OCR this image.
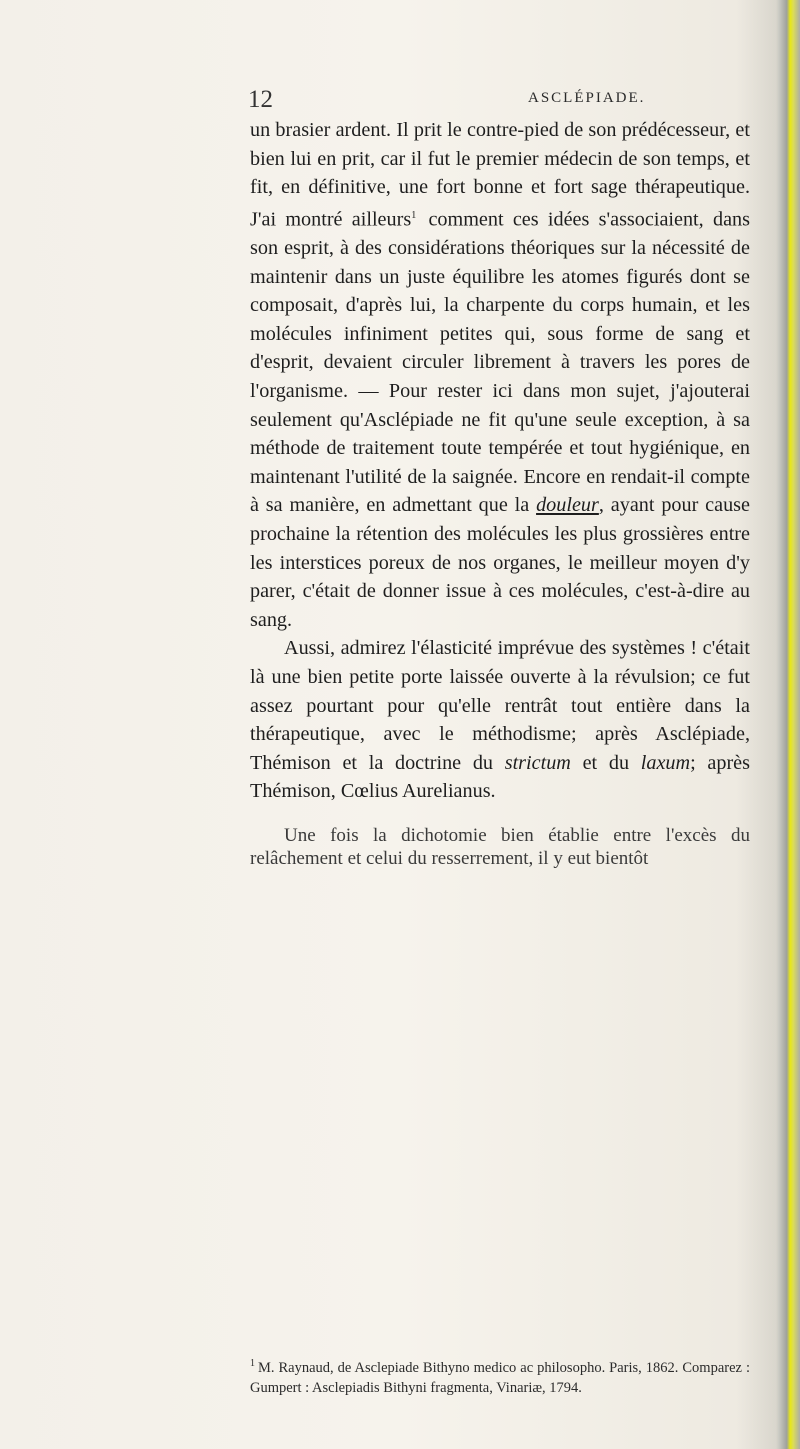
12	ASCLÉPIADE.

un brasier ardent. Il prit le contre-pied de son prédécesseur, et bien lui en prit, car il fut le premier médecin de son temps, et fit, en définitive, une fort bonne et fort sage thérapeutique. J'ai montré ailleurs$^1$ comment ces idées s'associaient, dans son esprit, à des considérations théoriques sur la nécessité de maintenir dans un juste équilibre les atomes figurés dont se composait, d'après lui, la charpente du corps humain, et les molécules infiniment petites qui, sous forme de sang et d'esprit, devaient circuler librement à travers les pores de l'organisme. — Pour rester ici dans mon sujet, j'ajouterai seulement qu'Asclépiade ne fit qu'une seule exception, à sa méthode de traitement toute tempérée et tout hygiénique, en maintenant l'utilité de la saignée. Encore en rendait-il compte à sa manière, en admettant que la douleur, ayant pour cause prochaine la rétention des molécules les plus grossières entre les interstices poreux de nos organes, le meilleur moyen d'y parer, c'était de donner issue à ces molécules, c'est-à-dire au sang.

Aussi, admirez l'élasticité imprévue des systèmes ! c'était là une bien petite porte laissée ouverte à la révulsion; ce fut assez pourtant pour qu'elle rentrât tout entière dans la thérapeutique, avec le méthodisme; après Asclépiade, Thémison et la doctrine du strictum et du laxum; après Thémison, Cœlius Aurelianus.

Une fois la dichotomie bien établie entre l'excès du relâchement et celui du resserrement, il y eut bientôt

$^1$ M. Raynaud, de Asclepiade Bithyno medico ac philosopho. Paris, 1862. Comparez : Gumpert : Asclepiadis Bithyni fragmenta, Vinariæ, 1794.
